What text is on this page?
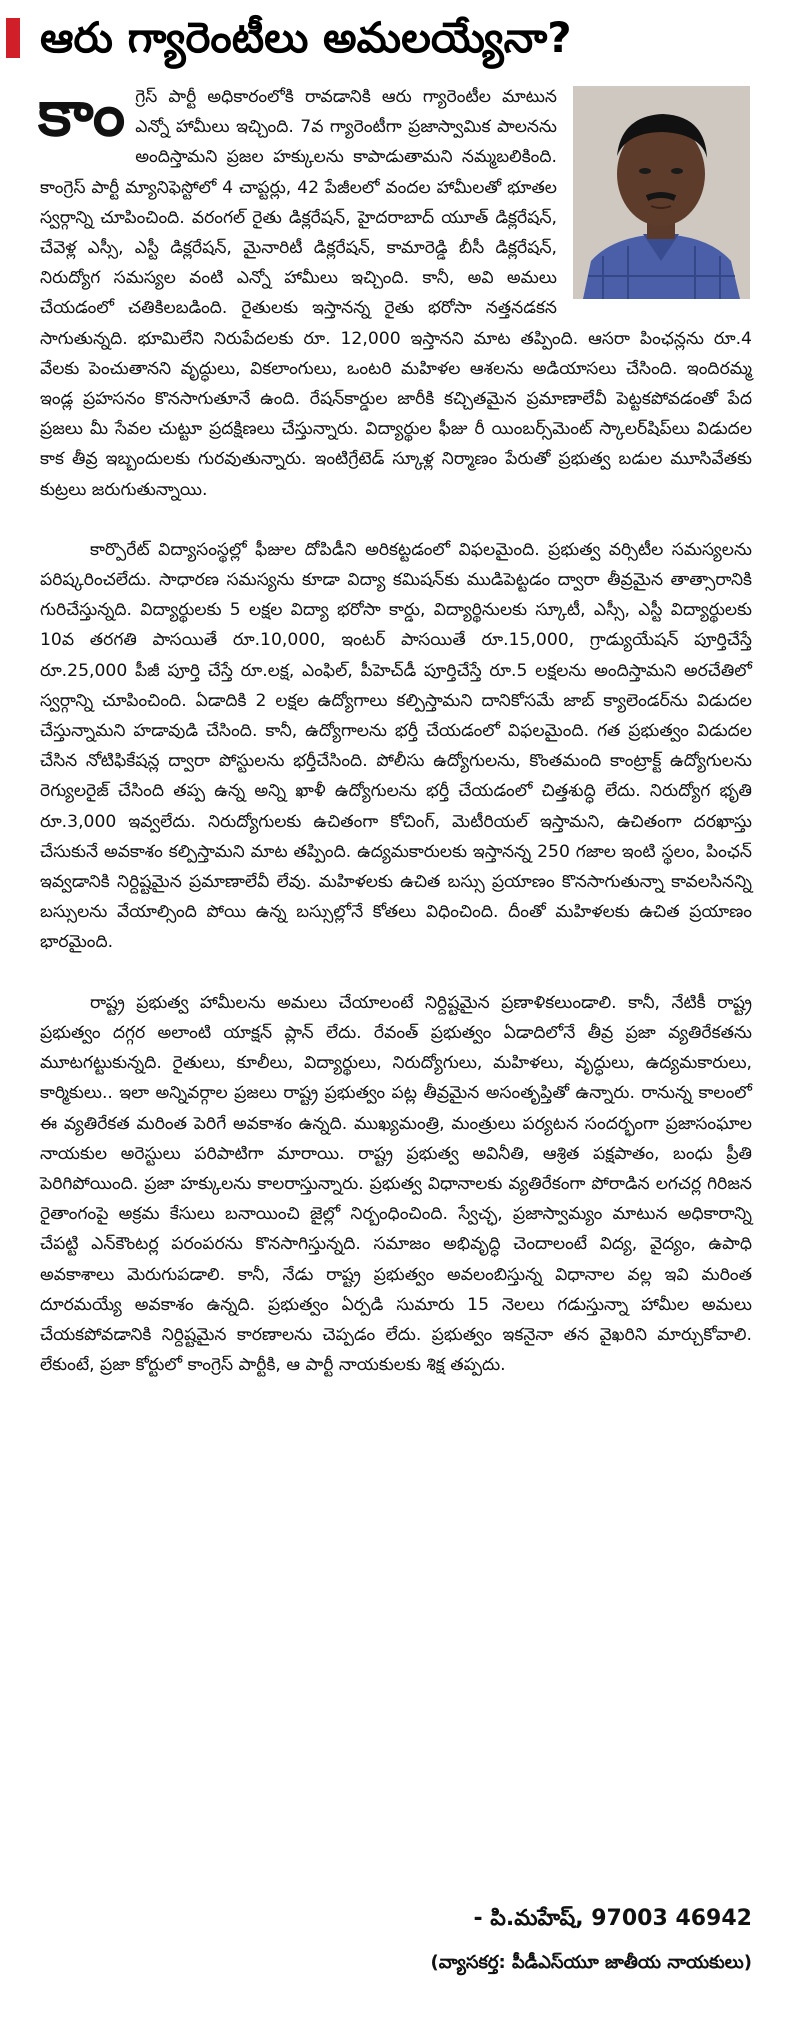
ఆరు గ్యారెంటీలు అమలయ్యేనా?

కాంగ్రెస్ పార్టీ అధికారంలోకి రావడానికి ఆరు గ్యారెంటీల మాటున ఎన్నో హామీలు ఇచ్చింది. 7వ గ్యారెంటీగా ప్రజాస్వామిక పాలనను అందిస్తామని ప్రజల హక్కులను కాపాడుతామని నమ్మబలికింది. కాంగ్రెస్ పార్టీ మ్యానిఫెస్టోలో 4 చాప్టర్లు, 42 పేజీలలో వందల హామీలతో భూతల స్వర్గాన్ని చూపించింది. వరంగల్ రైతు డిక్లరేషన్, హైదరాబాద్ యూత్ డిక్లరేషన్, చేవెళ్ల ఎస్సీ, ఎస్టీ డిక్లరేషన్, మైనారిటీ డిక్లరేషన్, కామారెడ్డి బీసీ డిక్లరేషన్, నిరుద్యోగ సమస్యల వంటి ఎన్నో హామీలు ఇచ్చింది. కానీ, అవి అమలు చేయడంలో చతికిలబడింది. రైతులకు ఇస్తానన్న రైతు భరోసా నత్తనడకన సాగుతున్నది. భూమిలేని నిరుపేదలకు రూ. 12,000 ఇస్తానని మాట తప్పింది. ఆసరా పింఛన్లను రూ.4 వేలకు పెంచుతానని వృద్ధులు, వికలాంగులు, ఒంటరి మహిళల ఆశలను అడియాసలు చేసింది. ఇందిరమ్మ ఇండ్ల ప్రహసనం కొనసాగుతూనే ఉంది. రేషన్‌కార్డుల జారీకి కచ్చితమైన ప్రమాణాలేవీ పెట్టకపోవడంతో పేద ప్రజలు మీ సేవల చుట్టూ ప్రదక్షిణలు చేస్తున్నారు. విద్యార్థుల ఫీజు రీ యింబర్స్‌మెంట్ స్కాలర్‌షిప్‌లు విడుదల కాక తీవ్ర ఇబ్బందులకు గురవుతున్నారు. ఇంటిగ్రేటెడ్ స్కూళ్ల నిర్మాణం పేరుతో ప్రభుత్వ బడుల మూసివేతకు కుట్రలు జరుగుతున్నాయి.

కార్పొరేట్ విద్యాసంస్థల్లో ఫీజుల దోపిడీని అరికట్టడంలో విఫలమైంది. ప్రభుత్వ వర్సిటీల సమస్యలను పరిష్కరించలేదు. సాధారణ సమస్యను కూడా విద్యా కమిషన్‌కు ముడిపెట్టడం ద్వారా తీవ్రమైన తాత్సారానికి గురిచేస్తున్నది. విద్యార్థులకు 5 లక్షల విద్యా భరోసా కార్డు, విద్యార్థినులకు స్కూటీ, ఎస్సీ, ఎస్టీ విద్యార్థులకు 10వ తరగతి పాసయితే రూ.10,000, ఇంటర్ పాసయితే రూ.15,000, గ్రాడ్యుయేషన్ పూర్తిచేస్తే రూ.25,000 పీజీ పూర్తి చేస్తే రూ.లక్ష, ఎంఫిల్, పీహెచ్‌డీ పూర్తిచేస్తే రూ.5 లక్షలను అందిస్తామని అరచేతిలో స్వర్గాన్ని చూపించింది. ఏడాదికి 2 లక్షల ఉద్యోగాలు కల్పిస్తామని దానికోసమే జాబ్ క్యాలెండర్‌ను విడుదల చేస్తున్నామని హడావుడి చేసింది. కానీ, ఉద్యోగాలను భర్తీ చేయడంలో విఫలమైంది. గత ప్రభుత్వం విడుదల చేసిన నోటిఫికేషన్ల ద్వారా పోస్టులను భర్తీచేసింది. పోలీసు ఉద్యోగులను, కొంతమంది కాంట్రాక్ట్ ఉద్యోగులను రెగ్యులరైజ్ చేసింది తప్ప ఉన్న అన్ని ఖాళీ ఉద్యోగులను భర్తీ చేయడంలో చిత్తశుద్ధి లేదు. నిరుద్యోగ భృతి రూ.3,000 ఇవ్వలేదు. నిరుద్యోగులకు ఉచితంగా కోచింగ్, మెటీరియల్ ఇస్తామని, ఉచితంగా దరఖాస్తు చేసుకునే అవకాశం కల్పిస్తామని మాట తప్పింది. ఉద్యమకారులకు ఇస్తానన్న 250 గజాల ఇంటి స్థలం, పింఛన్ ఇవ్వడానికి నిర్దిష్టమైన ప్రమాణాలేవీ లేవు. మహిళలకు ఉచిత బస్సు ప్రయాణం కొనసాగుతున్నా కావలసినన్ని బస్సులను వేయాల్సింది పోయి ఉన్న బస్సుల్లోనే కోతలు విధించింది. దీంతో మహిళలకు ఉచిత ప్రయాణం భారమైంది.

రాష్ట్ర ప్రభుత్వ హామీలను అమలు చేయాలంటే నిర్దిష్టమైన ప్రణాళికలుండాలి. కానీ, నేటికీ రాష్ట్ర ప్రభుత్వం దగ్గర అలాంటి యాక్షన్ ప్లాన్ లేదు. రేవంత్ ప్రభుత్వం ఏడాదిలోనే తీవ్ర ప్రజా వ్యతిరేకతను మూటగట్టుకున్నది. రైతులు, కూలీలు, విద్యార్థులు, నిరుద్యోగులు, మహిళలు, వృద్ధులు, ఉద్యమకారులు, కార్మికులు.. ఇలా అన్నివర్గాల ప్రజలు రాష్ట్ర ప్రభుత్వం పట్ల తీవ్రమైన అసంతృప్తితో ఉన్నారు. రానున్న కాలంలో ఈ వ్యతిరేకత మరింత పెరిగే అవకాశం ఉన్నది. ముఖ్యమంత్రి, మంత్రులు పర్యటన సందర్భంగా ప్రజాసంఘాల నాయకుల అరెస్టులు పరిపాటిగా మారాయి. రాష్ట్ర ప్రభుత్వ అవినీతి, ఆశ్రిత పక్షపాతం, బంధు ప్రీతి పెరిగిపోయింది. ప్రజా హక్కులను కాలరాస్తున్నారు. ప్రభుత్వ విధానాలకు వ్యతిరేకంగా పోరాడిన లగచర్ల గిరిజన రైతాంగంపై అక్రమ కేసులు బనాయించి జైల్లో నిర్బంధించింది. స్వేచ్ఛ, ప్రజాస్వామ్యం మాటున అధికారాన్ని చేపట్టి ఎన్‌కౌంటర్ల పరంపరను కొనసాగిస్తున్నది. సమాజం అభివృద్ధి చెందాలంటే విద్య, వైద్యం, ఉపాధి అవకాశాలు మెరుగుపడాలి. కానీ, నేడు రాష్ట్ర ప్రభుత్వం అవలంబిస్తున్న విధానాల వల్ల ఇవి మరింత దూరమయ్యే అవకాశం ఉన్నది. ప్రభుత్వం ఏర్పడి సుమారు 15 నెలలు గడుస్తున్నా హామీల అమలు చేయకపోవడానికి నిర్దిష్టమైన కారణాలను చెప్పడం లేదు. ప్రభుత్వం ఇకనైనా తన వైఖరిని మార్చుకోవాలి. లేకుంటే, ప్రజా కోర్టులో కాంగ్రెస్ పార్టీకి, ఆ పార్టీ నాయకులకు శిక్ష తప్పదు.

- పి.మహేష్, 97003 46942
(వ్యాసకర్త: పీడీఎస్‌యూ జాతీయ నాయకులు)
